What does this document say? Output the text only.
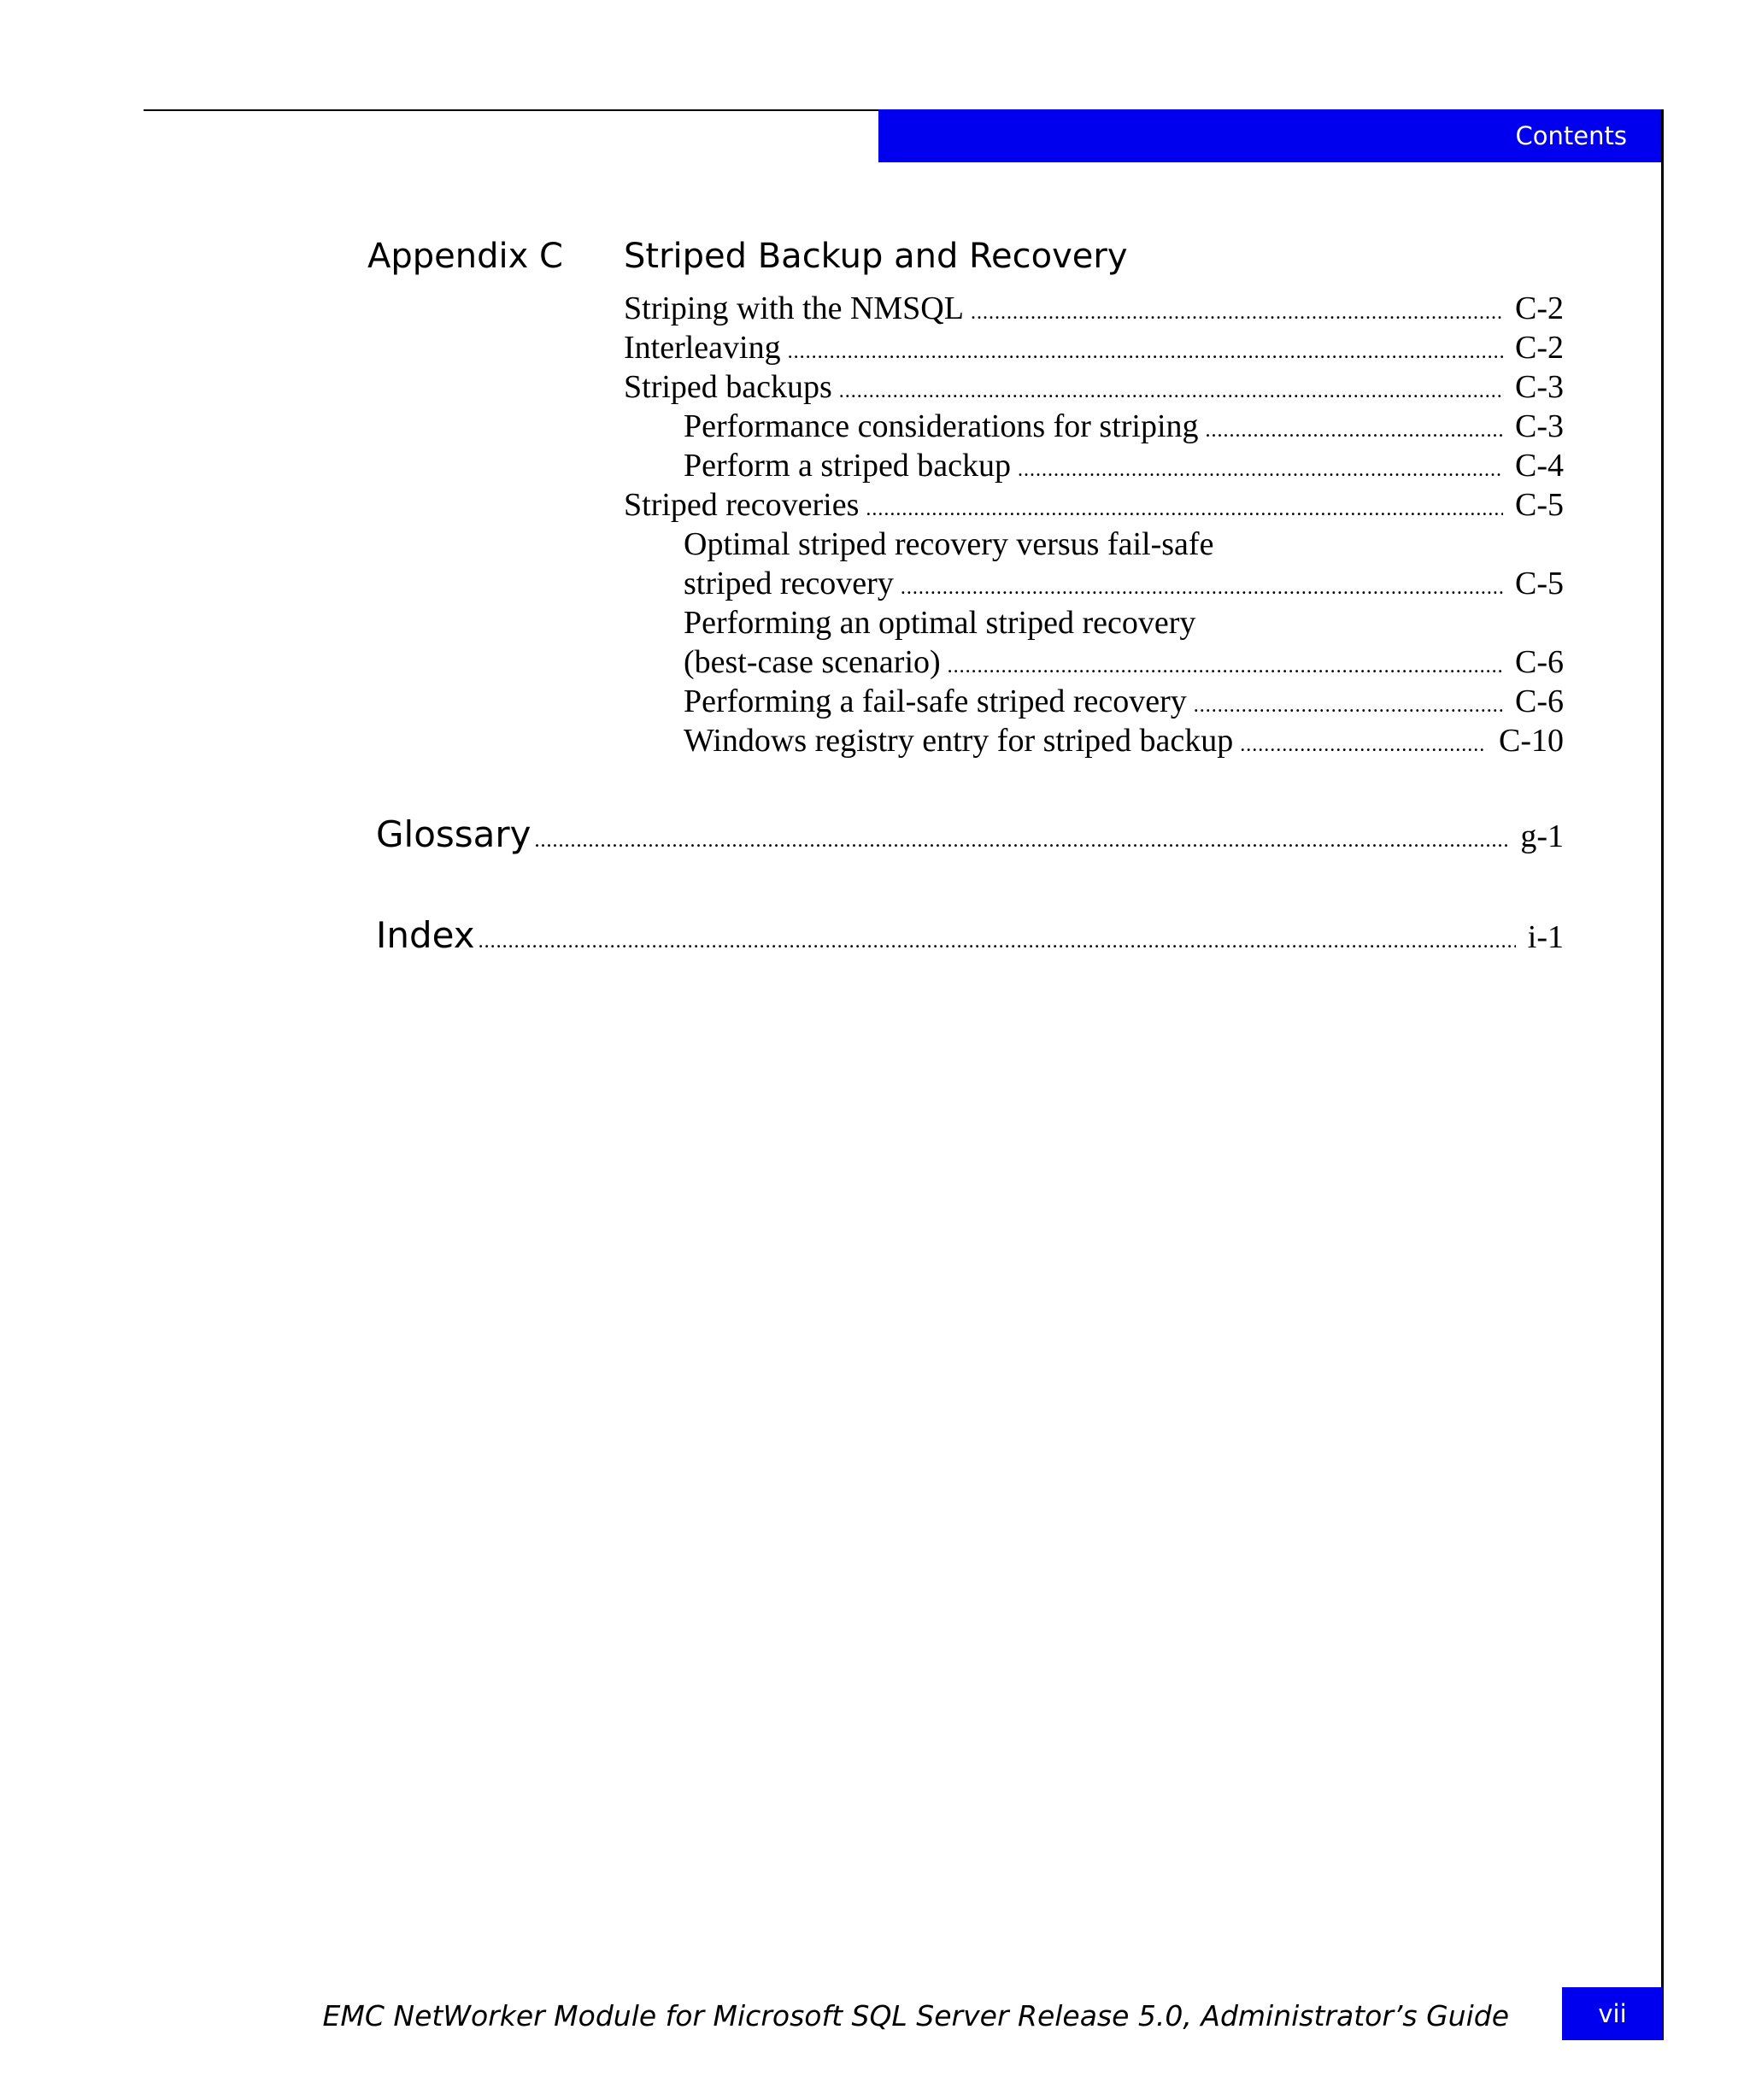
Contents
Appendix C Striped Backup and Recovery
Striping with the NMSQL .....	C-2
Interleaving .....	C-2
Striped backups .....	C-3
Performance considerations for striping .....	C-3
Perform a striped backup .....	C-4
Striped recoveries .....	C-5
Optimal striped recovery versus fail-safe
striped recovery .....	C-5
Performing an optimal striped recovery
(best-case scenario) .....	C-6
Performing a fail-safe striped recovery .....	C-6
Windows registry entry for striped backup .....	C-10
Glossary .....	g-1
Index .....	i-1
EMC NetWorker Module for Microsoft SQL Server Release 5.0, Administrator’s Guide	vii
